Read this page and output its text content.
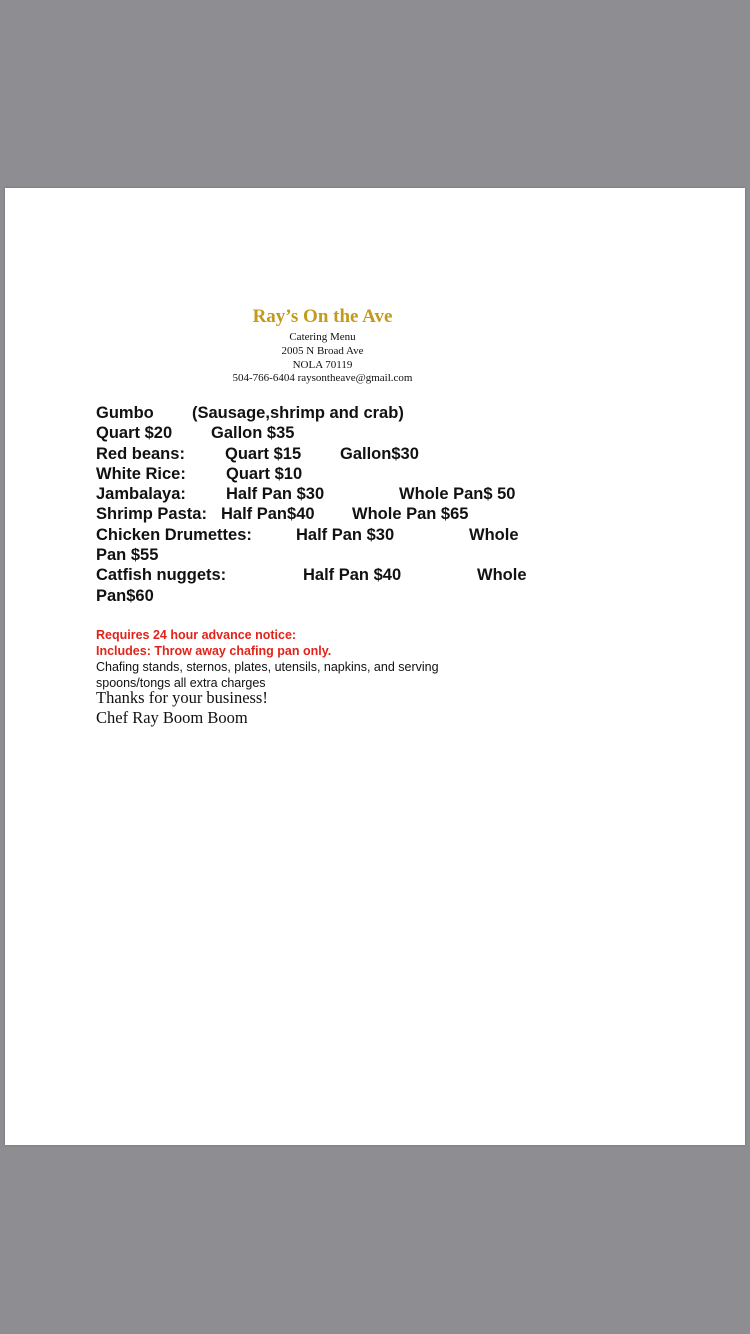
Ray’s On the Ave
Catering Menu
2005 N Broad Ave
NOLA 70119
504-766-6404 raysontheave@gmail.com
Gumbo (Sausage,shrimp and crab)
Quart $20 Gallon $35
Red beans: Quart $15 Gallon$30
White Rice: Quart $10
Jambalaya: Half Pan $30	Whole Pan$ 50
Shrimp Pasta: Half Pan$40 Whole Pan $65
Chicken Drumettes:	Half Pan $30	Whole
Pan $55
Catfish nuggets:	Half Pan $40	Whole
Pan$60
Requires 24 hour advance notice:
Includes: Throw away chafing pan only.
Chafing stands, sternos, plates, utensils, napkins, and serving spoons/tongs all extra charges
Thanks for your business!
Chef Ray Boom Boom
